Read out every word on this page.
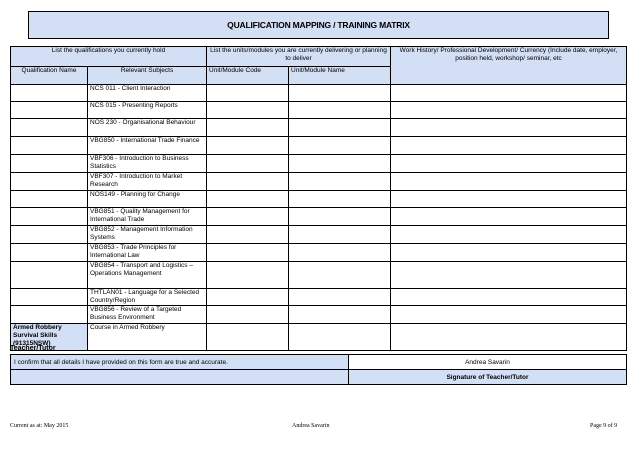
QUALIFICATION MAPPING / TRAINING MATRIX
List the qualifications you currently hold		List the units/modules you are currently delivering or planning to deliver		Work History/ Professional Development/ Currency (Include date, employer, position held, workshop/ seminar, etc
Qualification Name	Relevant Subjects	Unit/Module Code	Unit/Module Name	
	NCS 011 - Client Interaction			
	NCS 015 - Presenting Reports			
	NOS 230 - Organisational Behaviour			
	VBG850 - International Trade Finance			
	VBF306 - Introduction to Business Statistics			
	VBF307 - Introduction to Market Research			
	NOS149 - Planning for Change			
	VBG851 - Quality Management for International Trade			
	VBG852 - Management Information Systems			
	VBG853 - Trade Principles for International Law			
	VBG854 - Transport and Logistics – Operations Management			
	THTLAN01 - Language for a Selected Country/Region			
	VBG856 - Review of a Targeted Business Environment			
Armed Robbery Survival Skills (91315NSW)	Course in Armed Robbery			
Teacher/Tutor
I confirm that all details I have provided on this form are true and accurate.	Andrea Savarin
	Signature of Teacher/Tutor
Current as at: May 2015	Andrea Savarin	Page 9 of 9
